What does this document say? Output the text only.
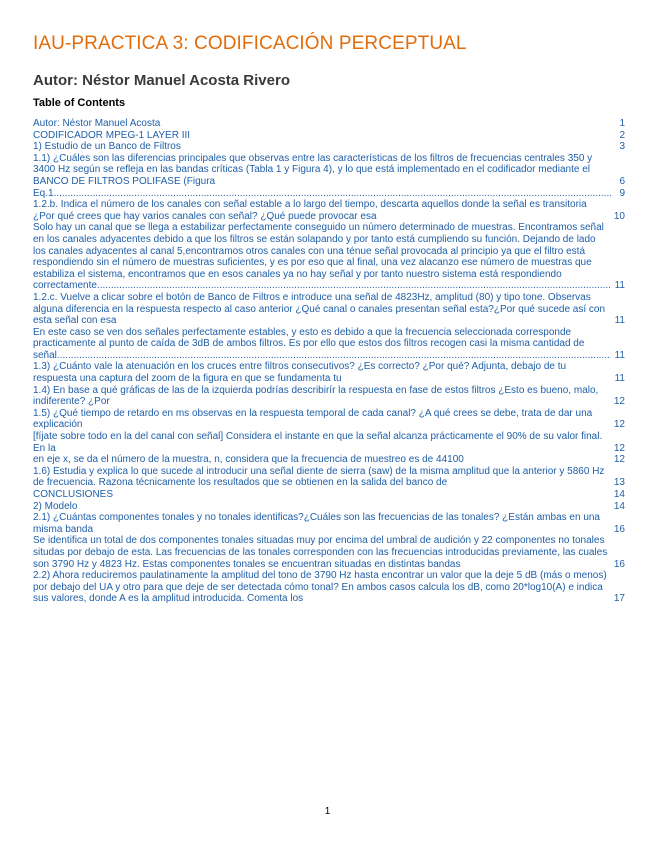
IAU-PRACTICA 3: CODIFICACIÓN PERCEPTUAL
Autor: Néstor Manuel Acosta Rivero
Table of Contents
Autor: Néstor Manuel Acosta	1
CODIFICADOR MPEG-1 LAYER III	2
1) Estudio de un Banco de Filtros	3
1.1) ¿Cuáles son las diferencias principales que observas entre las características de los filtros de frecuencias centrales 350 y 3400 Hz según se refleja en las bandas críticas (Tabla 1 y Figura 4), y lo que está implementado en el codificador mediante el BANCO DE FILTROS POLIFASE (Figura	6
Eq.1 .....	9
1.2.b. Indica el número de los canales con señal estable a lo largo del tiempo, descarta aquellos donde la señal es transitoria ¿Por qué crees que hay varios canales con señal? ¿Qué puede provocar esa	10
Solo hay un canal que se llega a estabilizar perfectamente conseguido un número determinado de muestras. Encontramos señal en los canales adyacentes debido a que los filtros se están solapando y por tanto está cumpliendo su función. Dejando de lado los canales adyacentes al canal 5,encontramos otros canales con una ténue señal provocada al principio ya que el filtro está respondiendo sin el número de muestras suficientes, y es por eso que al final, una vez alacanzo ese número de muestras que estabiliza el sistema, encontramos que en esos canales ya no hay señal y por tanto nuestro sistema está respondiendo correctamente .....	11
1.2.c. Vuelve a clicar sobre el botón de Banco de Filtros e introduce una señal de 4823Hz, amplitud (80) y tipo tone. Observas alguna diferencia en la respuesta respecto al caso anterior ¿Qué canal o canales presentan señal esta?¿Por qué sucede así con esta señal con esa	11
En este caso se ven dos señales perfectamente estables, y esto es debido a que la frecuencia seleccionada corresponde practicamente al punto de caída de 3dB de ambos filtros. Es por ello que estos dos filtros recogen casi la misma cantidad de señal .....	11
1.3) ¿Cuánto vale la atenuación en los cruces entre filtros consecutivos? ¿Es correcto? ¿Por qué? Adjunta, debajo de tu respuesta una captura del zoom de la figura en que se fundamenta tu	11
1.4) En base a qué gráficas de las de la izquierda podrías describirír la respuesta en fase de estos filtros ¿Esto es bueno, malo, indiferente? ¿Por	12
1.5) ¿Qué tiempo de retardo en ms observas en la respuesta temporal de cada canal? ¿A qué crees se debe, trata de dar una explicación	12
[fíjate sobre todo en la del canal con señal] Considera el instante en que la señal alcanza prácticamente el 90% de su valor final. En la	12
en eje x, se da el número de la muestra, n, considera que la frecuencia de muestreo es de 44100	12
1.6) Estudia y explica lo que sucede al introducir una señal diente de sierra (saw) de la misma amplitud que la anterior y 5860 Hz de frecuencia. Razona técnicamente los resultados que se obtienen en la salida del banco de	13
CONCLUSIONES	14
2) Modelo	14
2.1) ¿Cuántas componentes tonales y no tonales identificas?¿Cuáles son las frecuencias de las tonales? ¿Están ambas en una misma banda	16
Se identifica un total de dos componentes tonales situadas muy por encima del umbral de audición y 22 componentes no tonales situdas por debajo de esta. Las frecuencias de las tonales corresponden con las frecuencias introducidas previamente, las cuales son 3790 Hz y 4823 Hz. Estas componentes tonales se encuentran situadas en distintas bandas	16
2.2) Ahora reduciremos paulatinamente la amplitud del tono de 3790 Hz hasta encontrar un valor que la deje 5 dB (más o menos) por debajo del UA y otro para que deje de ser detectada cómo tonal? En ambos casos calcula los dB, como 20*log10(A) e indica sus valores, donde A es la amplitud introducida. Comenta los	17
1
